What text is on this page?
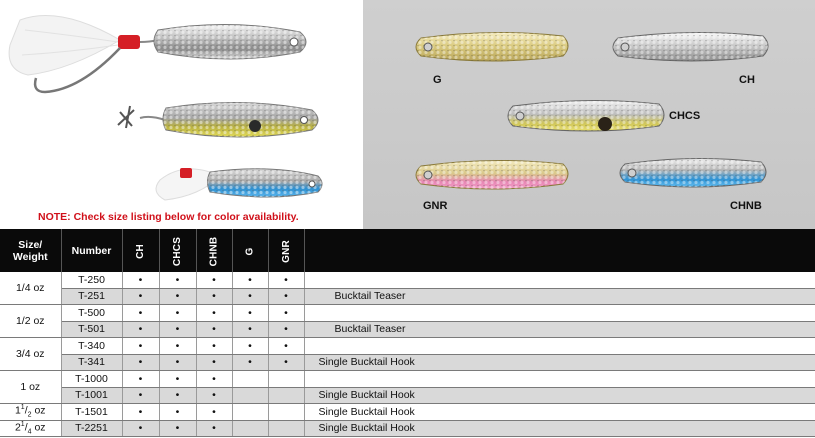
NOTE: Check size listing below for color availability.
G	CH
CHCS
GNR	CHNB
Size/
Weight	Number	CH	CHCS	CHNB	G	GNR	
1/4 oz	T-250	•	•	•	•	•	
	T-251	•	•	•	•	•	Bucktail Teaser
1/2 oz	T-500	•	•	•	•	•	
	T-501	•	•	•	•	•	Bucktail Teaser
3/4 oz	T-340	•	•	•	•	•	
	T-341	•	•	•	•	•	Single Bucktail Hook
1 oz	T-1000	•	•	•			
	T-1001	•	•	•			Single Bucktail Hook
$1^1/_2$ oz	T-1501	•	•	•			Single Bucktail Hook
$2^1/_4$ oz	T-2251	•	•	•			Single Bucktail Hook
